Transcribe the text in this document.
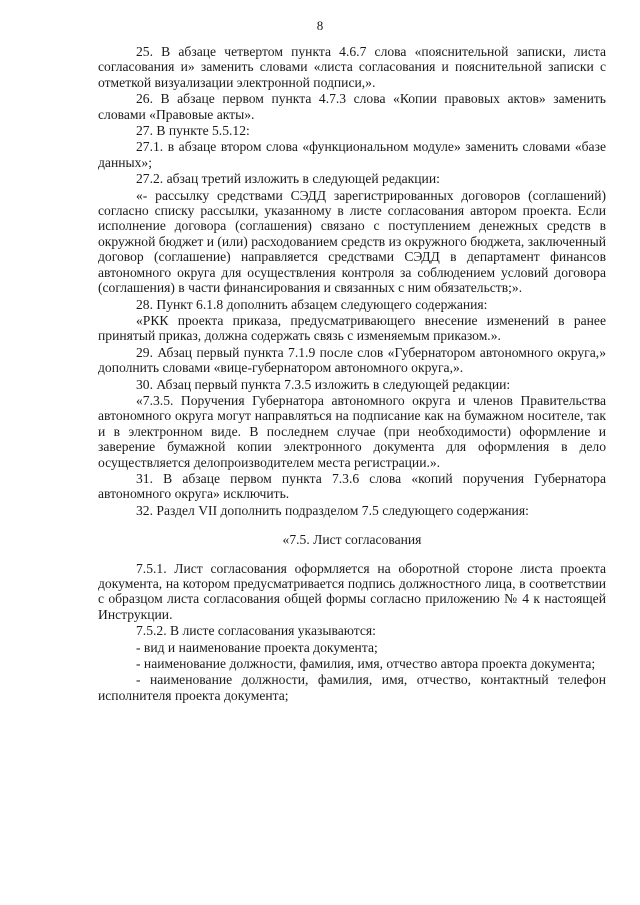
8

25. В абзаце четвертом пункта 4.6.7 слова «пояснительной записки, листа согласования и» заменить словами «листа согласования и пояснительной записки с отметкой визуализации электронной подписи,».

26. В абзаце первом пункта 4.7.3 слова «Копии правовых актов» заменить словами «Правовые акты».

27. В пункте 5.5.12:

27.1. в абзаце втором слова «функциональном модуле» заменить словами «базе данных»;

27.2. абзац третий изложить в следующей редакции:

«- рассылку средствами СЭДД зарегистрированных договоров (соглашений) согласно списку рассылки, указанному в листе согласования автором проекта. Если исполнение договора (соглашения) связано с поступлением денежных средств в окружной бюджет и (или) расходованием средств из окружного бюджета, заключенный договор (соглашение) направляется средствами СЭДД в департамент финансов автономного округа для осуществления контроля за соблюдением условий договора (соглашения) в части финансирования и связанных с ним обязательств;».

28. Пункт 6.1.8 дополнить абзацем следующего содержания:

«РКК проекта приказа, предусматривающего внесение изменений в ранее принятый приказ, должна содержать связь с изменяемым приказом.».

29. Абзац первый пункта 7.1.9 после слов «Губернатором автономного округа,» дополнить словами «вице-губернатором автономного округа,».

30. Абзац первый пункта 7.3.5 изложить в следующей редакции:

«7.3.5. Поручения Губернатора автономного округа и членов Правительства автономного округа могут направляться на подписание как на бумажном носителе, так и в электронном виде. В последнем случае (при необходимости) оформление и заверение бумажной копии электронного документа для оформления в дело осуществляется делопроизводителем места регистрации.».

31. В абзаце первом пункта 7.3.6 слова «копий поручения Губернатора автономного округа» исключить.

32. Раздел VII дополнить подразделом 7.5 следующего содержания:

«7.5. Лист согласования

7.5.1. Лист согласования оформляется на оборотной стороне листа проекта документа, на котором предусматривается подпись должностного лица, в соответствии с образцом листа согласования общей формы согласно приложению № 4 к настоящей Инструкции.

7.5.2. В листе согласования указываются:

- вид и наименование проекта документа;

- наименование должности, фамилия, имя, отчество автора проекта документа;

- наименование должности, фамилия, имя, отчество, контактный телефон исполнителя проекта документа;
